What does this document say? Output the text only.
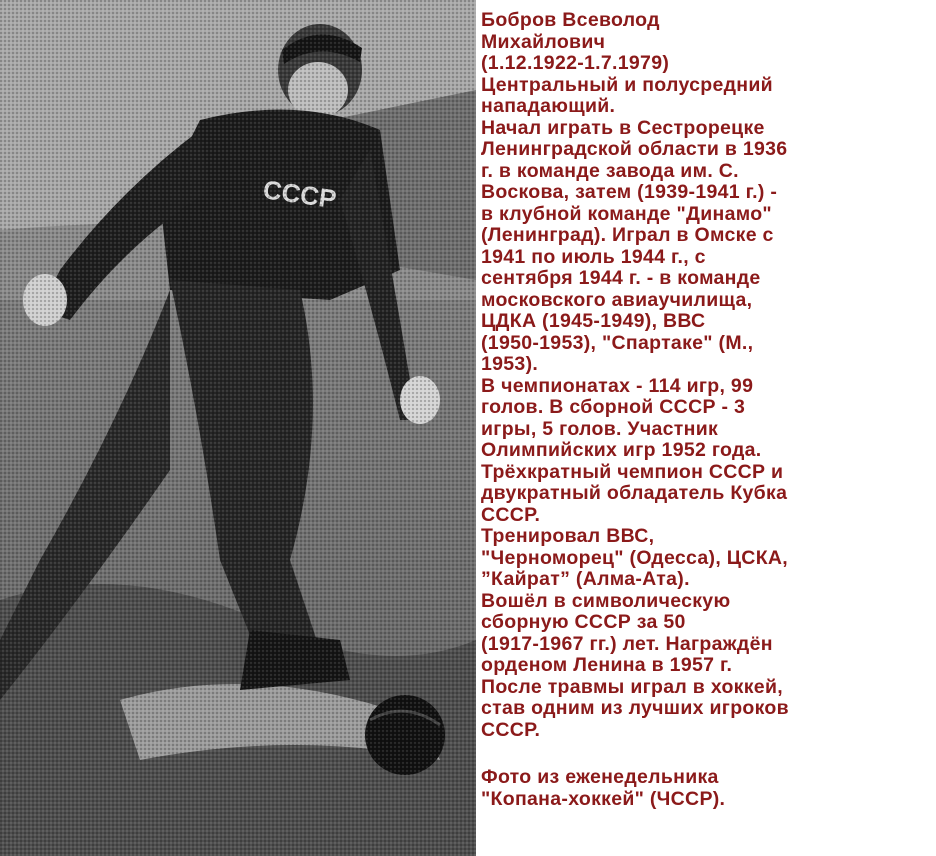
Бобров Всеволод
Михайлович
(1.12.1922-1.7.1979)
Центральный и полусредний
нападающий.
Начал играть в Сестрорецке
Ленинградской области в 1936
г. в команде завода им. С.
Воскова, затем (1939-1941 г.) -
в клубной команде "Динамо"
(Ленинград). Играл в Омске с
1941 по июль 1944 г., с
сентября 1944 г. - в команде
московского авиаучилища,
ЦДКА (1945-1949), ВВС
(1950-1953), "Спартаке" (М.,
1953).
В чемпионатах - 114 игр, 99
голов. В сборной СССР - 3
игры, 5 голов. Участник
Олимпийских игр 1952 года.
Трёхкратный чемпион СССР и
двукратный обладатель Кубка
СССР.
Тренировал ВВС,
"Черноморец" (Одесса), ЦСКА,
”Кайрат” (Алма-Ата).
Вошёл в символическую
сборную СССР за 50
(1917-1967 гг.) лет. Награждён
орденом Ленина в 1957 г.
После травмы играл в хоккей,
став одним из лучших игроков
СССР.
Фото из еженедельника
"Копана-хоккей" (ЧССР).
